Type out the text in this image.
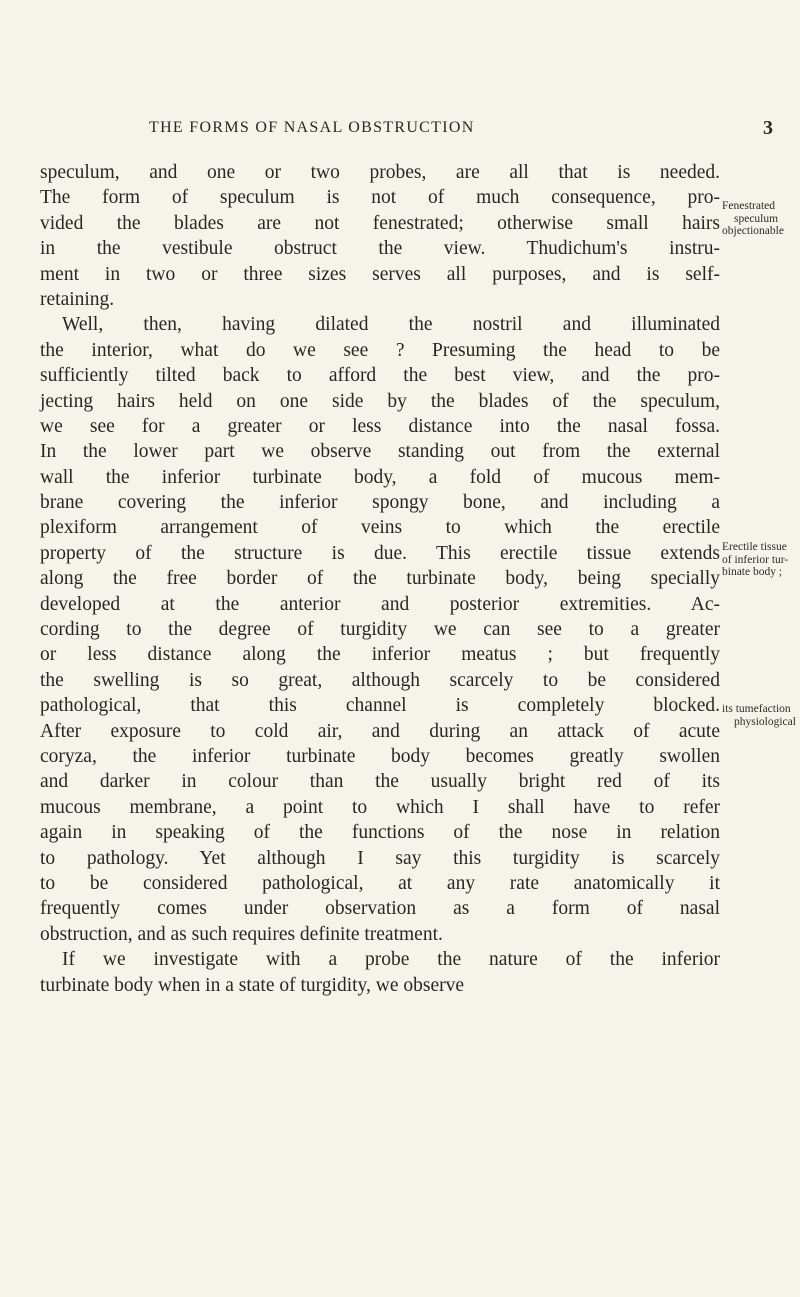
THE FORMS OF NASAL OBSTRUCTION	3
speculum, and one or two probes, are all that is needed.
The form of speculum is not of much consequence, pro-
vided the blades are not fenestrated; otherwise small hairs
in the vestibule obstruct the view. Thudichum's instru-
ment in two or three sizes serves all purposes, and is self-
retaining.
Well, then, having dilated the nostril and illuminated
the interior, what do we see ? Presuming the head to be
sufficiently tilted back to afford the best view, and the pro-
jecting hairs held on one side by the blades of the speculum,
we see for a greater or less distance into the nasal fossa.
In the lower part we observe standing out from the external
wall the inferior turbinate body, a fold of mucous mem-
brane covering the inferior spongy bone, and including a
plexiform arrangement of veins to which the erectile
property of the structure is due. This erectile tissue extends
along the free border of the turbinate body, being specially
developed at the anterior and posterior extremities. Ac-
cording to the degree of turgidity we can see to a greater
or less distance along the inferior meatus ; but frequently
the swelling is so great, although scarcely to be considered
pathological, that this channel is completely blocked.
After exposure to cold air, and during an attack of acute
coryza, the inferior turbinate body becomes greatly swollen
and darker in colour than the usually bright red of its
mucous membrane, a point to which I shall have to refer
again in speaking of the functions of the nose in relation
to pathology. Yet although I say this turgidity is scarcely
to be considered pathological, at any rate anatomically it
frequently comes under observation as a form of nasal
obstruction, and as such requires definite treatment.
If we investigate with a probe the nature of the inferior
turbinate body when in a state of turgidity, we observe
Fenestrated
speculum
objectionable
Erectile tissue
of inferior tur-
binate body ;
its tumefaction
physiological
